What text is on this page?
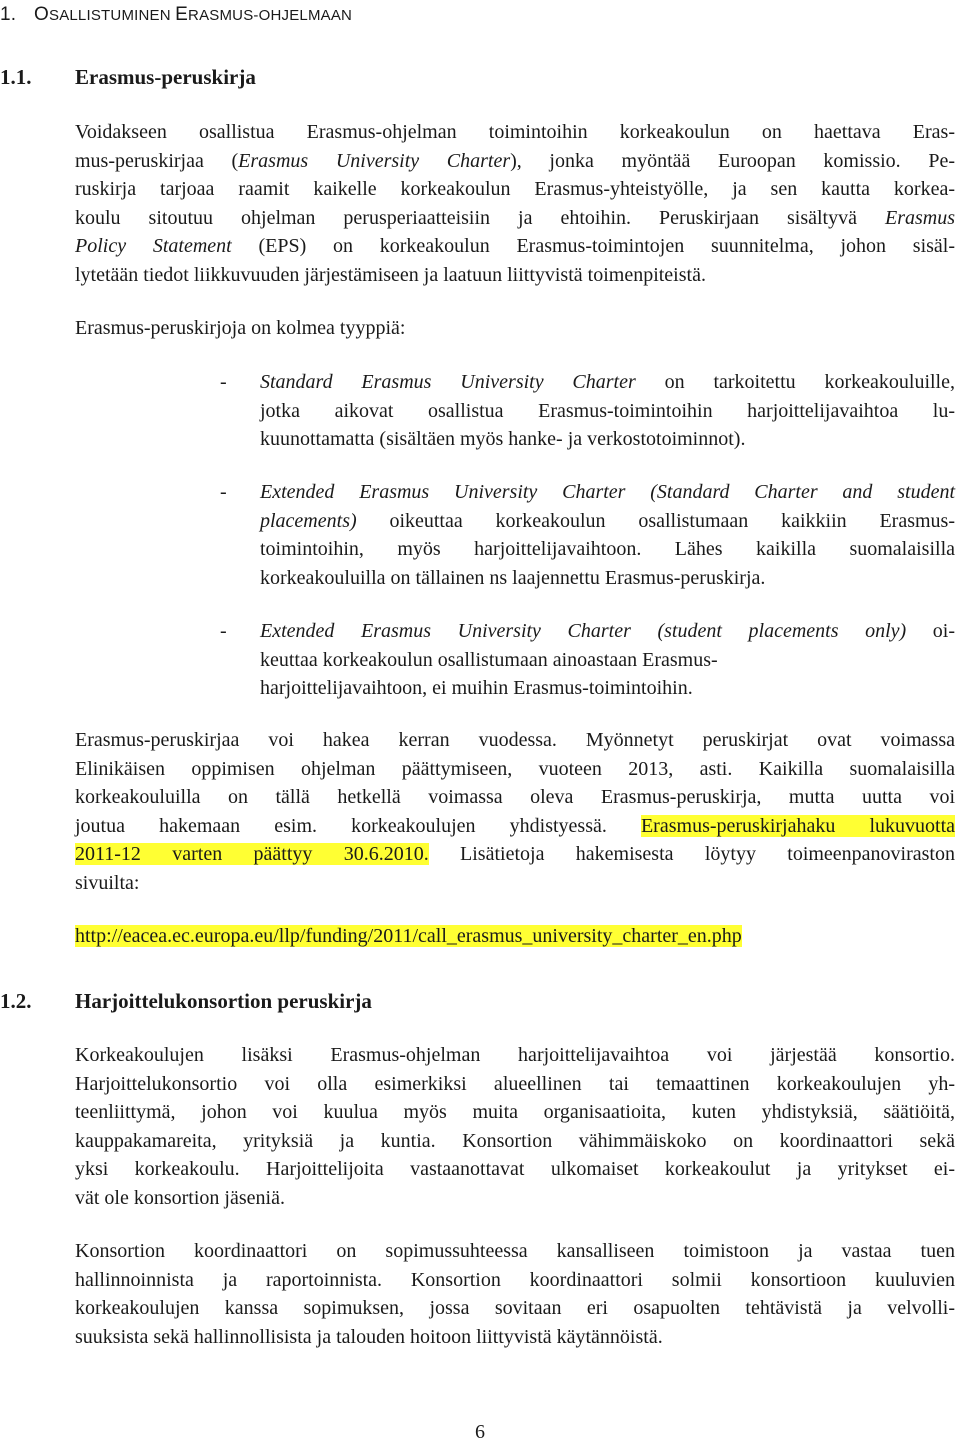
1. OSALLISTUMINEN ERASMUS-OHJELMAAN
1.1. Erasmus-peruskirja
Voidakseen osallistua Erasmus-ohjelman toimintoihin korkeakoulun on haettava Eras-
mus-peruskirjaa (Erasmus University Charter), jonka myöntää Euroopan komissio. Pe-
ruskirja tarjoaa raamit kaikelle korkeakoulun Erasmus-yhteistyölle, ja sen kautta korkea-
koulu sitoutuu ohjelman perusperiaatteisiin ja ehtoihin. Peruskirjaan sisältyvä Erasmus
Policy Statement (EPS) on korkeakoulun Erasmus-toimintojen suunnitelma, johon sisäl-
lytetään tiedot liikkuvuuden järjestämiseen ja laatuun liittyvistä toimenpiteistä.
Erasmus-peruskirjoja on kolmea tyyppiä:
- Standard Erasmus University Charter on tarkoitettu korkeakouluille,
jotka aikovat osallistua Erasmus-toimintoihin harjoittelijavaihtoa lu-
kuunottamatta (sisältäen myös hanke- ja verkostotoiminnot).
- Extended Erasmus University Charter (Standard Charter and student
placements) oikeuttaa korkeakoulun osallistumaan kaikkiin Erasmus-
toimintoihin, myös harjoittelijavaihtoon. Lähes kaikilla suomalaisilla
korkeakouluilla on tällainen ns laajennettu Erasmus-peruskirja.
- Extended Erasmus University Charter (student placements only) oi-
keuttaa korkeakoulun osallistumaan ainoastaan Erasmus-
harjoittelijavaihtoon, ei muihin Erasmus-toimintoihin.
Erasmus-peruskirjaa voi hakea kerran vuodessa. Myönnetyt peruskirjat ovat voimassa
Elinikäisen oppimisen ohjelman päättymiseen, vuoteen 2013, asti. Kaikilla suomalaisilla
korkeakouluilla on tällä hetkellä voimassa oleva Erasmus-peruskirja, mutta uutta voi
joutua hakemaan esim. korkeakoulujen yhdistyessä. Erasmus-peruskirjahaku lukuvuotta
2011-12 varten päättyy 30.6.2010. Lisätietoja hakemisesta löytyy toimeenpanoviraston
sivuilta:
http://eacea.ec.europa.eu/llp/funding/2011/call_erasmus_university_charter_en.php
1.2. Harjoittelukonsortion peruskirja
Korkeakoulujen lisäksi Erasmus-ohjelman harjoittelijavaihtoa voi järjestää konsortio.
Harjoittelukonsortio voi olla esimerkiksi alueellinen tai temaattinen korkeakoulujen yh-
teenliittymä, johon voi kuulua myös muita organisaatioita, kuten yhdistyksiä, säätiöitä,
kauppakamareita, yrityksiä ja kuntia. Konsortion vähimmäiskoko on koordinaattori sekä
yksi korkeakoulu. Harjoittelijoita vastaanottavat ulkomaiset korkeakoulut ja yritykset ei-
vät ole konsortion jäseniä.
Konsortion koordinaattori on sopimussuhteessa kansalliseen toimistoon ja vastaa tuen
hallinnoinnista ja raportoinnista. Konsortion koordinaattori solmii konsortioon kuuluvien
korkeakoulujen kanssa sopimuksen, jossa sovitaan eri osapuolten tehtävistä ja velvolli-
suuksista sekä hallinnollisista ja talouden hoitoon liittyvistä käytännöistä.
6
